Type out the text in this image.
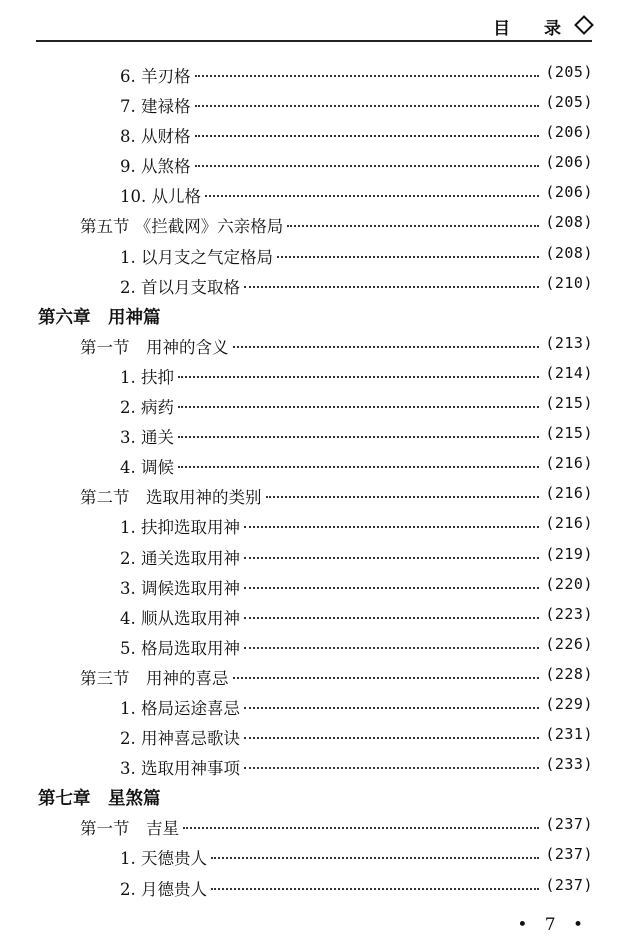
目 录
6. 羊刃格	(205)
7. 建禄格	(205)
8. 从财格	(206)
9. 从煞格	(206)
10. 从儿格	(206)
第五节 《拦截网》六亲格局	(208)
1. 以月支之气定格局	(208)
2. 首以月支取格	(210)
第六章　用神篇
第一节　用神的含义	(213)
1. 扶抑	(214)
2. 病药	(215)
3. 通关	(215)
4. 调候	(216)
第二节　选取用神的类别	(216)
1. 扶抑选取用神	(216)
2. 通关选取用神	(219)
3. 调候选取用神	(220)
4. 顺从选取用神	(223)
5. 格局选取用神	(226)
第三节　用神的喜忌	(228)
1. 格局运途喜忌	(229)
2. 用神喜忌歌诀	(231)
3. 选取用神事项	(233)
第七章　星煞篇
第一节　吉星	(237)
1. 天德贵人	(237)
2. 月德贵人	(237)
• 7 •
